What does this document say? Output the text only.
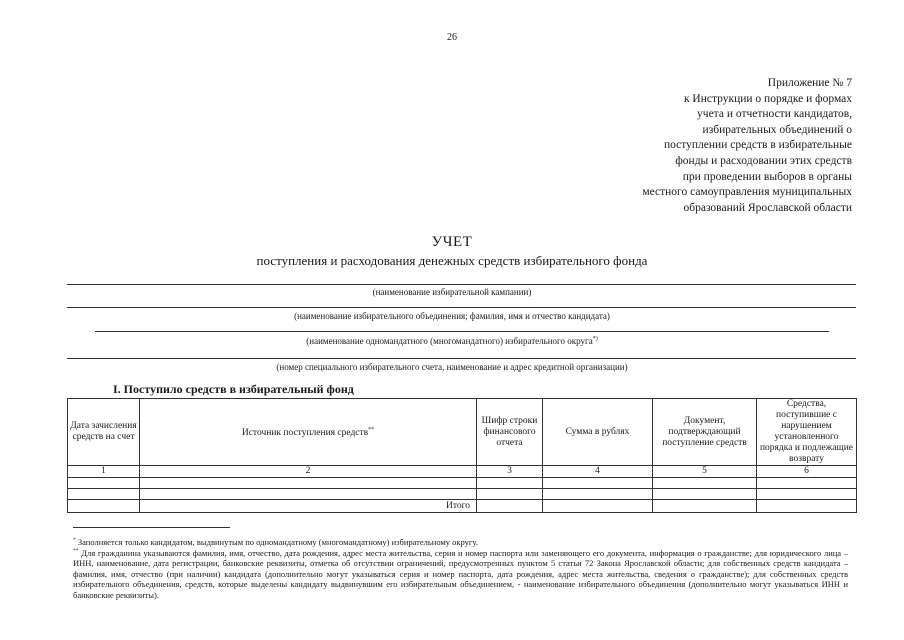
26
Приложение № 7
к Инструкции о порядке и формах
учета и отчетности кандидатов,
избирательных объединений о
поступлении средств в избирательные
фонды и расходовании этих средств
при проведении выборов в органы
местного самоуправления муниципальных
образований Ярославской области
УЧЕТ
поступления и расходования денежных средств избирательного фонда
(наименование избирательной кампании)
(наименование избирательного объединения; фамилия, имя и отчество кандидата)
(наименование одномандатного (многомандатного) избирательного округа*)
(номер специального избирательного счета, наименование и адрес кредитной организации)
I. Поступило средств в избирательный фонд
Дата зачисления средств на счет	Источник поступления средств**	Шифр строки финансового отчета	Сумма в рублях	Документ, подтверждающий поступление средств	Средства, поступившие с нарушением установленного порядка и подлежащие возврату
1	2	3	4	5	6

	Итого				
* Заполняется только кандидатом, выдвинутым по одномандатному (многомандатному) избирательному округу.
** Для гражданина указываются фамилия, имя, отчество, дата рождения, адрес места жительства, серия и номер паспорта или заменяющего его документа, информация о гражданстве; для юридического лица – ИНН, наименование, дата регистрации, банковские реквизиты, отметка об отсутствии ограничений, предусмотренных пунктом 5 статьи 72 Закона Ярославской области; для собственных средств кандидата – фамилия, имя, отчество (при наличии) кандидата (дополнительно могут указываться серия и номер паспорта, дата рождения, адрес места жительства, сведения о гражданстве); для собственных средств избирательного объединения, средств, которые выделены кандидату выдвинувшим его избирательным объединением, - наименование избирательного объединения (дополнительно могут указываться ИНН и банковские реквизиты).
